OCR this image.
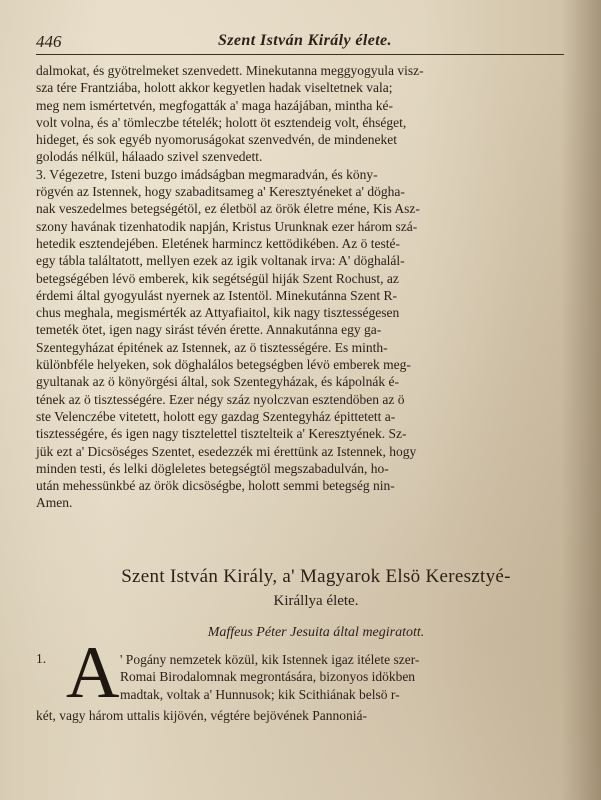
446	Szent István Király élete.
dalmokat, és gyötrelmeket szenvedett. Minekutanna meggyogyula visz-
sza tére Frantziába, holott akkor kegyetlen hadak viseltetnek vala;
meg nem ismértetvén, megfogatták a' maga hazájában, mintha ké-
volt volna, és a' tömleczbe tételék; holott öt esztendeig volt, éhséget,
hideget, és sok egyéb nyomoruságokat szenvedvén, de mindeneket
golodás nélkül, hálaado szivel szenvedett.
3. Végezetre, Isteni buzgo imádságban megmaradván, és köny-
rögvén az Istennek, hogy szabaditsameg a' Keresztyéneket a' dögha-
nak veszedelmes betegségétöl, ez életböl az örök életre méne, Kis Asz-
szony havának tizenhatodik napján, Kristus Urunknak ezer három szá-
hetedik esztendejében. Eletének harmincz kettödikében. Az ö testé-
egy tábla találtatott, mellyen ezek az igik voltanak irva: A' döghalál-
betegségében lévö emberek, kik segétségül hiják Szent Rochust, az
érdemi által gyogyulást nyernek az Istentöl. Minekutánna Szent R-
chus meghala, megismérték az Attyafiaitol, kik nagy tisztességesen
temeték ötet, igen nagy sirást tévén érette. Annakutánna egy ga-
Szentegyházat épitének az Istennek, az ö tisztességére. Es minth-
különbféle helyeken, sok döghalálos betegségben lévö emberek meg-
gyultanak az ö könyörgési által, sok Szentegyházak, és kápolnák é-
tének az ö tisztességére. Ezer négy száz nyolczvan esztendöben az ö
ste Velenczébe vitetett, holott egy gazdag Szentegyház épittetett a-
tisztességére, és igen nagy tisztelettel tisztelteik a' Keresztyének. Sz-
jük ezt a' Dicsöséges Szentet, esedezzék mi érettünk az Istennek, hogy
minden testi, és lelki dögleletes betegségtöl megszabadulván, ho-
után mehessünkbé az örök dicsöségbe, holott semmi betegség nin-
Amen.
Szent István Király, a' Magyarok Elsö Keresztyé-
Királlya élete.
Maffeus Péter Jesuita által megiratott.
1. A ' Pogány nemzetek közül, kik Istennek igaz itélete szer-
Romai Birodalomnak megrontására, bizonyos idökben
madtak, voltak a' Hunnusok; kik Scithiának belsö r-
két, vagy három uttalis kijövén, végtére bejövének Pannoniá-
